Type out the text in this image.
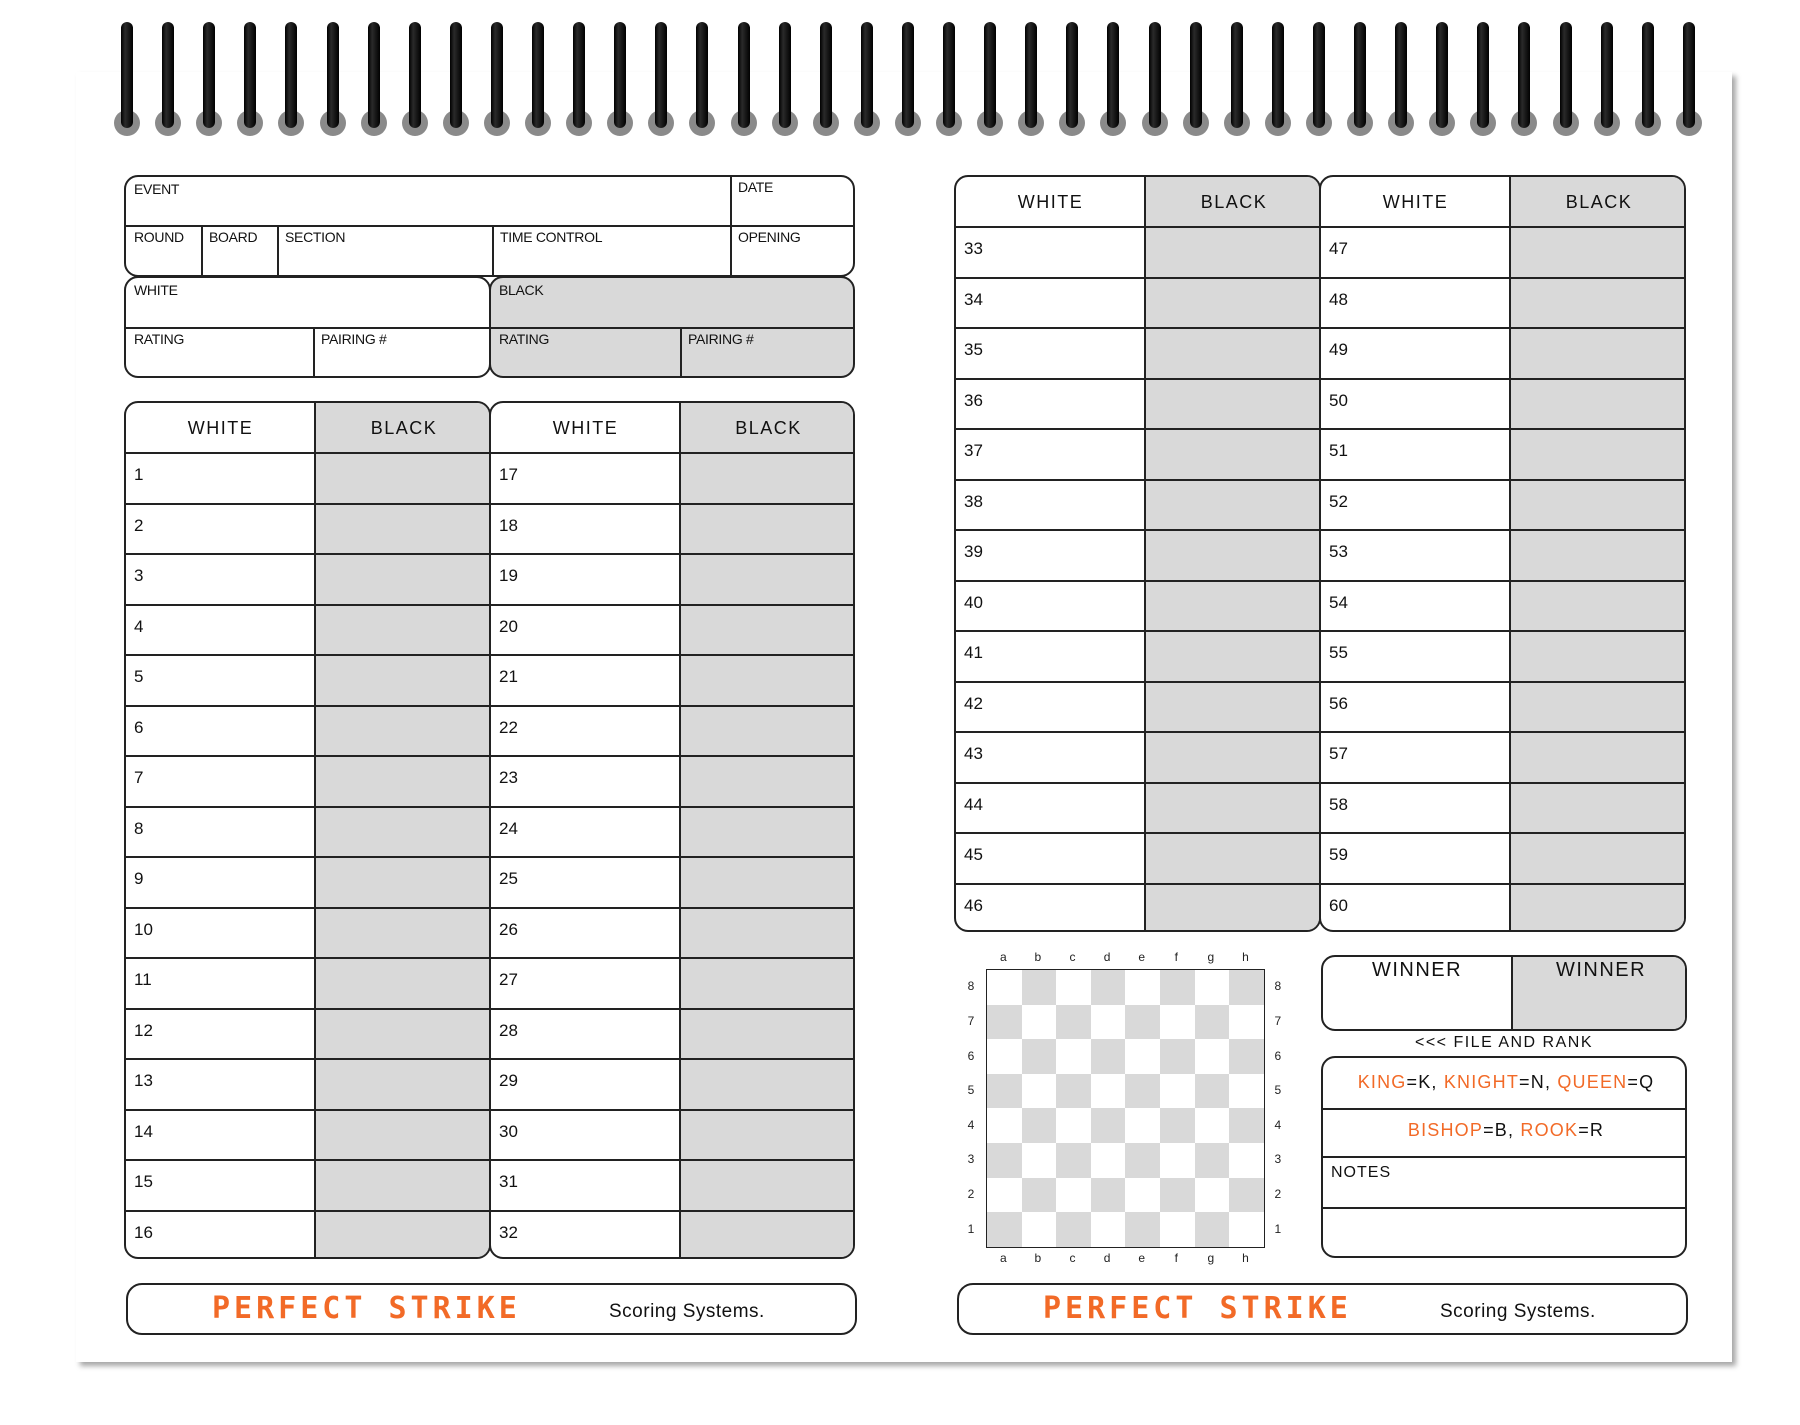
EVENT	DATE
ROUND	BOARD	SECTION	TIME CONTROL	OPENING
WHITE
RATING	PAIRING #
BLACK
RATING	PAIRING #
WHITE	BLACK
1
2
3
4
5
6
7
8
9
10
11
12
13
14
15
16
WHITE	BLACK
17
18
19
20
21
22
23
24
25
26
27
28
29
30
31
32
PERFECT STRIKE	Scoring Systems.
WHITE	BLACK
33
34
35
36
37
38
39
40
41
42
43
44
45
46
WHITE	BLACK
47
48
49
50
51
52
53
54
55
56
57
58
59
60
a
a
b
b
c
c
d
d
e
e
f
f
g
g
h
h
8	8
7	7
6	6
5	5
4	4
3	3
2	2
1	1
WINNER	WINNER
<<< FILE AND RANK
KING=K, KNIGHT=N, QUEEN=Q
BISHOP=B, ROOK=R
NOTES
PERFECT STRIKE	Scoring Systems.
